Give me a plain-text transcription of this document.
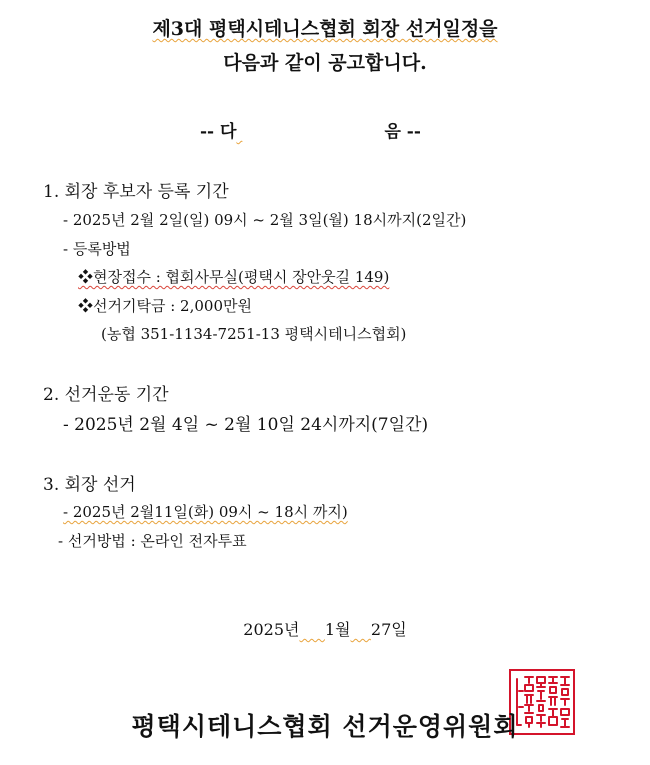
제3대 평택시테니스협회 회장 선거일정을
다음과 같이 공고합니다.
-- 다	음 --
1. 회장 후보자 등록 기간
- 2025년 2월 2일(일) 09시 ~ 2월 3일(월) 18시까지(2일간)
- 등록방법
❖현장접수 : 협회사무실(평택시 장안웃길 149)
❖선거기탁금 : 2,000만원
(농협 351-1134-7251-13 평택시테니스협회)
2. 선거운동 기간
- 2025년 2월 4일 ~ 2월 10일 24시까지(7일간)
3. 회장 선거
- 2025년 2월11일(화) 09시 ~ 18시 까지)
- 선거방법 : 온라인 전자투표
2025년 1월 27일
평택시테니스협회 선거운영위원회
